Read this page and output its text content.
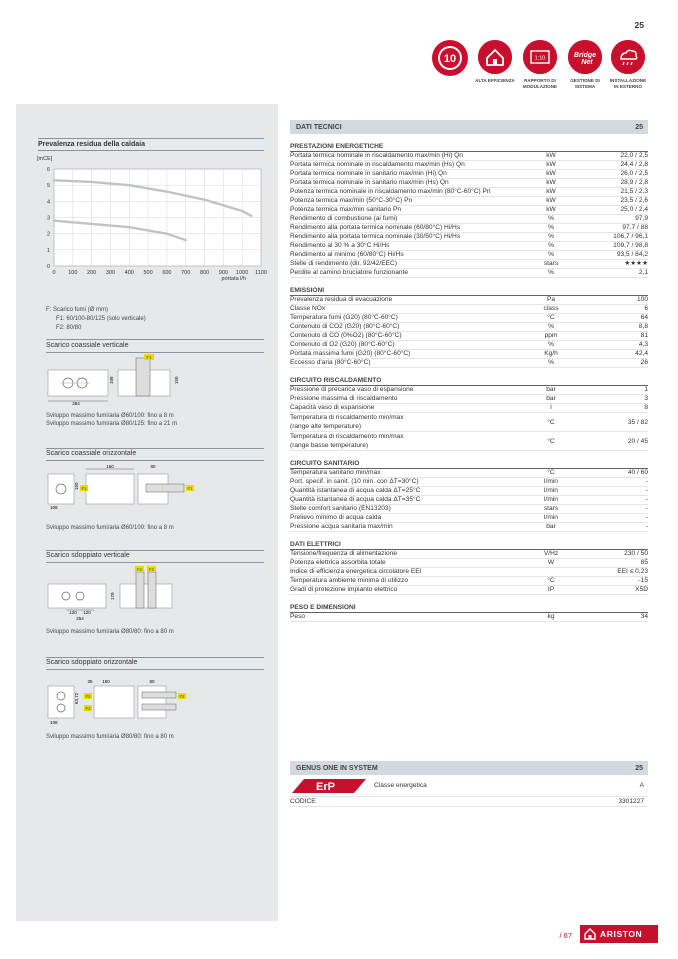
25
10
ALTA EFFICIENZA
1:10
RAPPORTO DI MODULAZIONE
Bridge
Net
GESTIONE DI SISTEMA
INSTALLAZIONE IN ESTERNO
Prevalenza residua della caldaia
[mCE]
6
5
4
3
2
1
0
0 100 200 300 400 500 600 700 800 900 1000 1100
portata l/h
F: Scarico fumi (Ø mm)
F1: 60/100-80/125 (solo verticale)
F2: 80/80
Scarico coassiale verticale
254
108	150
F1
Sviluppo massimo fumi/aria Ø60/100: fino a 8 m
Sviluppo massimo fumi/aria Ø80/125: fino a 21 m
Scarico coassiale orizzontale
150
108
160	80
F1	F1
Sviluppo massimo fumi/aria Ø60/100: fino a 8 m
Scarico sdoppiato verticale
120 120
254
170
F2 F2
Sviluppo massimo fumi/aria Ø80/80: fino a 80 m
Scarico sdoppiato orizzontale
63,72
108
35 160	80
F2
F2
F2
Sviluppo massimo fumi/aria Ø80/80: fino a 80 m
DATI TECNICI	25
PRESTAZIONI ENERGETICHE
Portata termica nominale in riscaldamento max/min (Hi) Qn	kW	22,0 / 2,5
Portata termica nominale in riscaldamento max/min (Hs) Qn	kW	24,4 / 2,8
Portata termica nominale in sanitario max/min (Hi) Qn	kW	26,0 / 2,5
Portata termica nominale in sanitario max/min (Hs) Qn	kW	28,9 / 2,8
Potenza termica nominale in riscaldamento max/min (80°C-60°C) Pn	kW	21,5 / 2,3
Potenza termica max/min (50°C-30°C) Pn	kW	23,5 / 2,6
Potenza termica max/min sanitario Pn	kW	25,0 / 2,4
Rendimento di combustione (ai fumi)	%	97,9
Rendimento alla portata termica nominale (60/80°C) Hi/Hs	%	97,7 / 88
Rendimento alla portata termica nominale (30/50°C) Hi/Hs	%	106,7 / 96,1
Rendimento al 30 % a 30°C Hi/Hs	%	109,7 / 98,8
Rendimento al minimo (60/80°C) Hi/Hs	%	93,5 / 84,2
Stelle di rendimento (dir. 92/42/EEC)	stars	★★★★
Perdite al camino bruciatore funzionante	%	2,1
EMISSIONI
Prevalenza residua di evacuazione	Pa	100
Classe NOx	class	6
Temperatura fumi (G20) (80°C-60°C)	°C	64
Contenuto di CO2 (G20) (80°C-60°C)	%	8,8
Contenuto di CO (0%O2) (80°C-60°C)	ppm	81
Contenuto di O2 (G20) (80°C-60°C)	%	4,3
Portata massima fumi (G20) (80°C-60°C)	Kg/h	42,4
Eccesso d'aria (80°C-60°C)	%	26
CIRCUITO RISCALDAMENTO
Pressione di precarica vaso di espansione	bar	1
Pressione massima di riscaldamento	bar	3
Capacità vaso di espansione	l	8
Temperatura di riscaldamento min/max
(range alte temperature)
°C	35 / 82
Temperatura di riscaldamento min/max
(range basse temperature)
°C	20 / 45
CIRCUITO SANITARIO
Temperatura sanitario min/max	°C	40 / 60
Port. specif. in sanit. (10 min. con ΔT=30°C)	l/min	-
Quantità istantanea di acqua calda ΔT=25°C	l/min	-
Quantità istantanea di acqua calda ΔT=35°C	l/min	-
Stelle comfort sanitario (EN13203)	stars	-
Prelievo minimo di acqua calda	l/min	-
Pressione acqua sanitaria max/min	bar	-
DATI ELETTRICI
Tensione/frequenza di alimentazione	V/Hz	230 / 50
Potenza elettrica assorbita totale	W	85
Indice di efficienza energetica circolatore EEI	EEI ≤ 0,23
Temperatura ambiente minima di utilizzo	°C	-15
Gradi di protezione impianto elettrico	IP	X5D
PESO E DIMENSIONI
Peso	kg	34
GENUS ONE IN SYSTEM	25
ErP	Classe energetica	A
CODICE	3301227
/ 67	ARISTON
